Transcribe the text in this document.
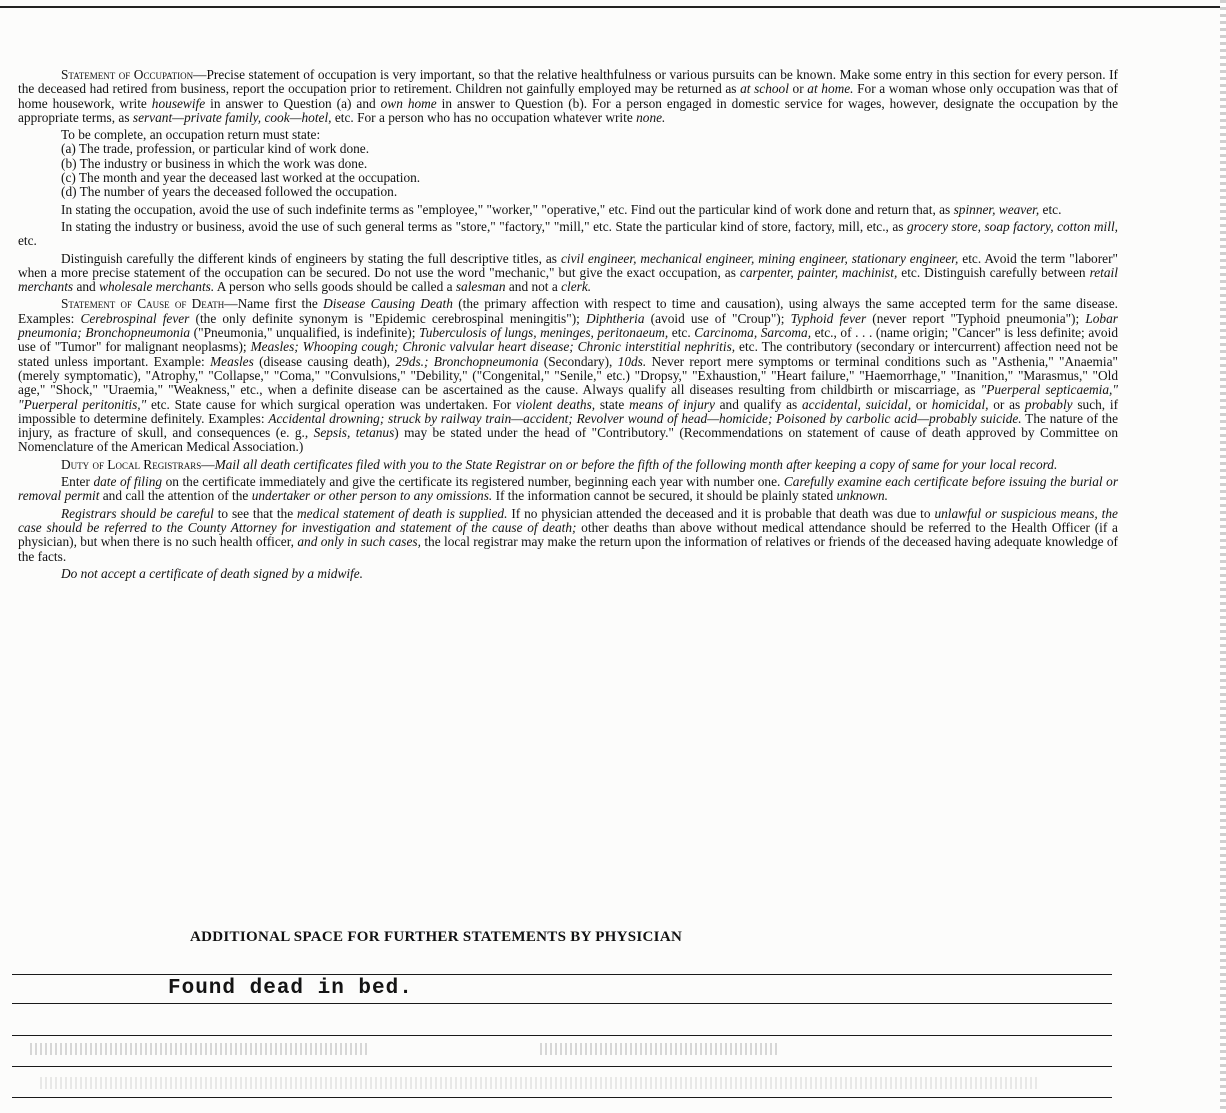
Statement of Occupation—Precise statement of occupation is very important, so that the relative healthfulness or various pursuits can be known. Make some entry in this section for every person. If the deceased had retired from business, report the occupation prior to retirement. Children not gainfully employed may be returned as at school or at home. For a woman whose only occupation was that of home housework, write housewife in answer to Question (a) and own home in answer to Question (b). For a person engaged in domestic service for wages, however, designate the occupation by the appropriate terms, as servant—private family, cook—hotel, etc. For a person who has no occupation whatever write none.

To be complete, an occupation return must state:

(a) The trade, profession, or particular kind of work done.

(b) The industry or business in which the work was done.

(c) The month and year the deceased last worked at the occupation.

(d) The number of years the deceased followed the occupation.

In stating the occupation, avoid the use of such indefinite terms as "employee," "worker," "operative," etc. Find out the particular kind of work done and return that, as spinner, weaver, etc.

In stating the industry or business, avoid the use of such general terms as "store," "factory," "mill," etc. State the particular kind of store, factory, mill, etc., as grocery store, soap factory, cotton mill, etc.

Distinguish carefully the different kinds of engineers by stating the full descriptive titles, as civil engineer, mechanical engineer, mining engineer, stationary engineer, etc. Avoid the term "laborer" when a more precise statement of the occupation can be secured. Do not use the word "mechanic," but give the exact occupation, as carpenter, painter, machinist, etc. Distinguish carefully between retail merchants and wholesale merchants. A person who sells goods should be called a salesman and not a clerk.

Statement of Cause of Death—Name first the Disease Causing Death (the primary affection with respect to time and causation), using always the same accepted term for the same disease. Examples: Cerebrospinal fever (the only definite synonym is "Epidemic cerebrospinal meningitis"); Diphtheria (avoid use of "Croup"); Typhoid fever (never report "Typhoid pneumonia"); Lobar pneumonia; Bronchopneumonia ("Pneumonia," unqualified, is indefinite); Tuberculosis of lungs, meninges, peritonaeum, etc. Carcinoma, Sarcoma, etc., of . . . (name origin; "Cancer" is less definite; avoid use of "Tumor" for malignant neoplasms); Measles; Whooping cough; Chronic valvular heart disease; Chronic interstitial nephritis, etc. The contributory (secondary or intercurrent) affection need not be stated unless important. Example: Measles (disease causing death), 29ds.; Bronchopneumonia (Secondary), 10ds. Never report mere symptoms or terminal conditions such as "Asthenia," "Anaemia" (merely symptomatic), "Atrophy," "Collapse," "Coma," "Convulsions," "Debility," ("Congenital," "Senile," etc.) "Dropsy," "Exhaustion," "Heart failure," "Haemorrhage," "Inanition," "Marasmus," "Old age," "Shock," "Uraemia," "Weakness," etc., when a definite disease can be ascertained as the cause. Always qualify all diseases resulting from childbirth or miscarriage, as "Puerperal septicaemia," "Puerperal peritonitis," etc. State cause for which surgical operation was undertaken. For violent deaths, state means of injury and qualify as accidental, suicidal, or homicidal, or as probably such, if impossible to determine definitely. Examples: Accidental drowning; struck by railway train—accident; Revolver wound of head—homicide; Poisoned by carbolic acid—probably suicide. The nature of the injury, as fracture of skull, and consequences (e. g., Sepsis, tetanus) may be stated under the head of "Contributory." (Recommendations on statement of cause of death approved by Committee on Nomenclature of the American Medical Association.)

Duty of Local Registrars—Mail all death certificates filed with you to the State Registrar on or before the fifth of the following month after keeping a copy of same for your local record.

Enter date of filing on the certificate immediately and give the certificate its registered number, beginning each year with number one. Carefully examine each certificate before issuing the burial or removal permit and call the attention of the undertaker or other person to any omissions. If the information cannot be secured, it should be plainly stated unknown.

Registrars should be careful to see that the medical statement of death is supplied. If no physician attended the deceased and it is probable that death was due to unlawful or suspicious means, the case should be referred to the County Attorney for investigation and statement of the cause of death; other deaths than above without medical attendance should be referred to the Health Officer (if a physician), but when there is no such health officer, and only in such cases, the local registrar may make the return upon the information of relatives or friends of the deceased having adequate knowledge of the facts.

Do not accept a certificate of death signed by a midwife.

ADDITIONAL SPACE FOR FURTHER STATEMENTS BY PHYSICIAN
Found dead in bed.
